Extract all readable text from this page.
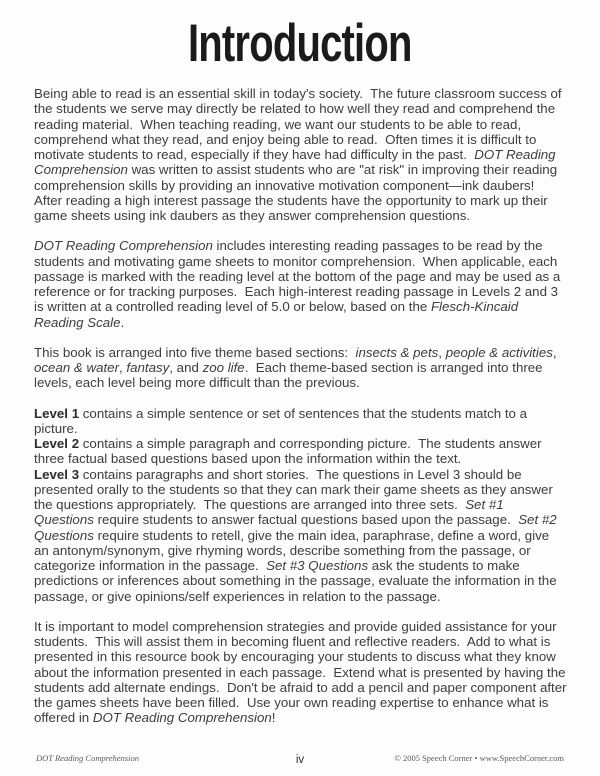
Introduction

Being able to read is an essential skill in today's society.  The future classroom success of the students we serve may directly be related to how well they read and comprehend the reading material.  When teaching reading, we want our students to be able to read, comprehend what they read, and enjoy being able to read.  Often times it is difficult to motivate students to read, especially if they have had difficulty in the past.  DOT Reading Comprehension was written to assist students who are "at risk" in improving their reading comprehension skills by providing an innovative motivation component—ink daubers!  After reading a high interest passage the students have the opportunity to mark up their game sheets using ink daubers as they answer comprehension questions.

DOT Reading Comprehension includes interesting reading passages to be read by the students and motivating game sheets to monitor comprehension.  When applicable, each passage is marked with the reading level at the bottom of the page and may be used as a reference or for tracking purposes.  Each high-interest reading passage in Levels 2 and 3 is written at a controlled reading level of 5.0 or below, based on the Flesch-Kincaid Reading Scale.

This book is arranged into five theme based sections:  insects & pets, people & activities, ocean & water, fantasy, and zoo life.  Each theme-based section is arranged into three levels, each level being more difficult than the previous.

Level 1 contains a simple sentence or set of sentences that the students match to a picture.

Level 2 contains a simple paragraph and corresponding picture.  The students answer three factual based questions based upon the information within the text.

Level 3 contains paragraphs and short stories.  The questions in Level 3 should be presented orally to the students so that they can mark their game sheets as they answer the questions appropriately.  The questions are arranged into three sets.  Set #1 Questions require students to answer factual questions based upon the passage.  Set #2 Questions require students to retell, give the main idea, paraphrase, define a word, give an antonym/synonym, give rhyming words, describe something from the passage, or categorize information in the passage.  Set #3 Questions ask the students to make predictions or inferences about something in the passage, evaluate the information in the passage, or give opinions/self experiences in relation to the passage.

It is important to model comprehension strategies and provide guided assistance for your students.  This will assist them in becoming fluent and reflective readers.  Add to what is presented in this resource book by encouraging your students to discuss what they know about the information presented in each passage.  Extend what is presented by having the students add alternate endings.  Don't be afraid to add a pencil and paper component after the games sheets have been filled.  Use your own reading expertise to enhance what is offered in DOT Reading Comprehension!

DOT Reading Comprehension	iv	© 2005 Speech Corner • www.SpeechCorner.com
